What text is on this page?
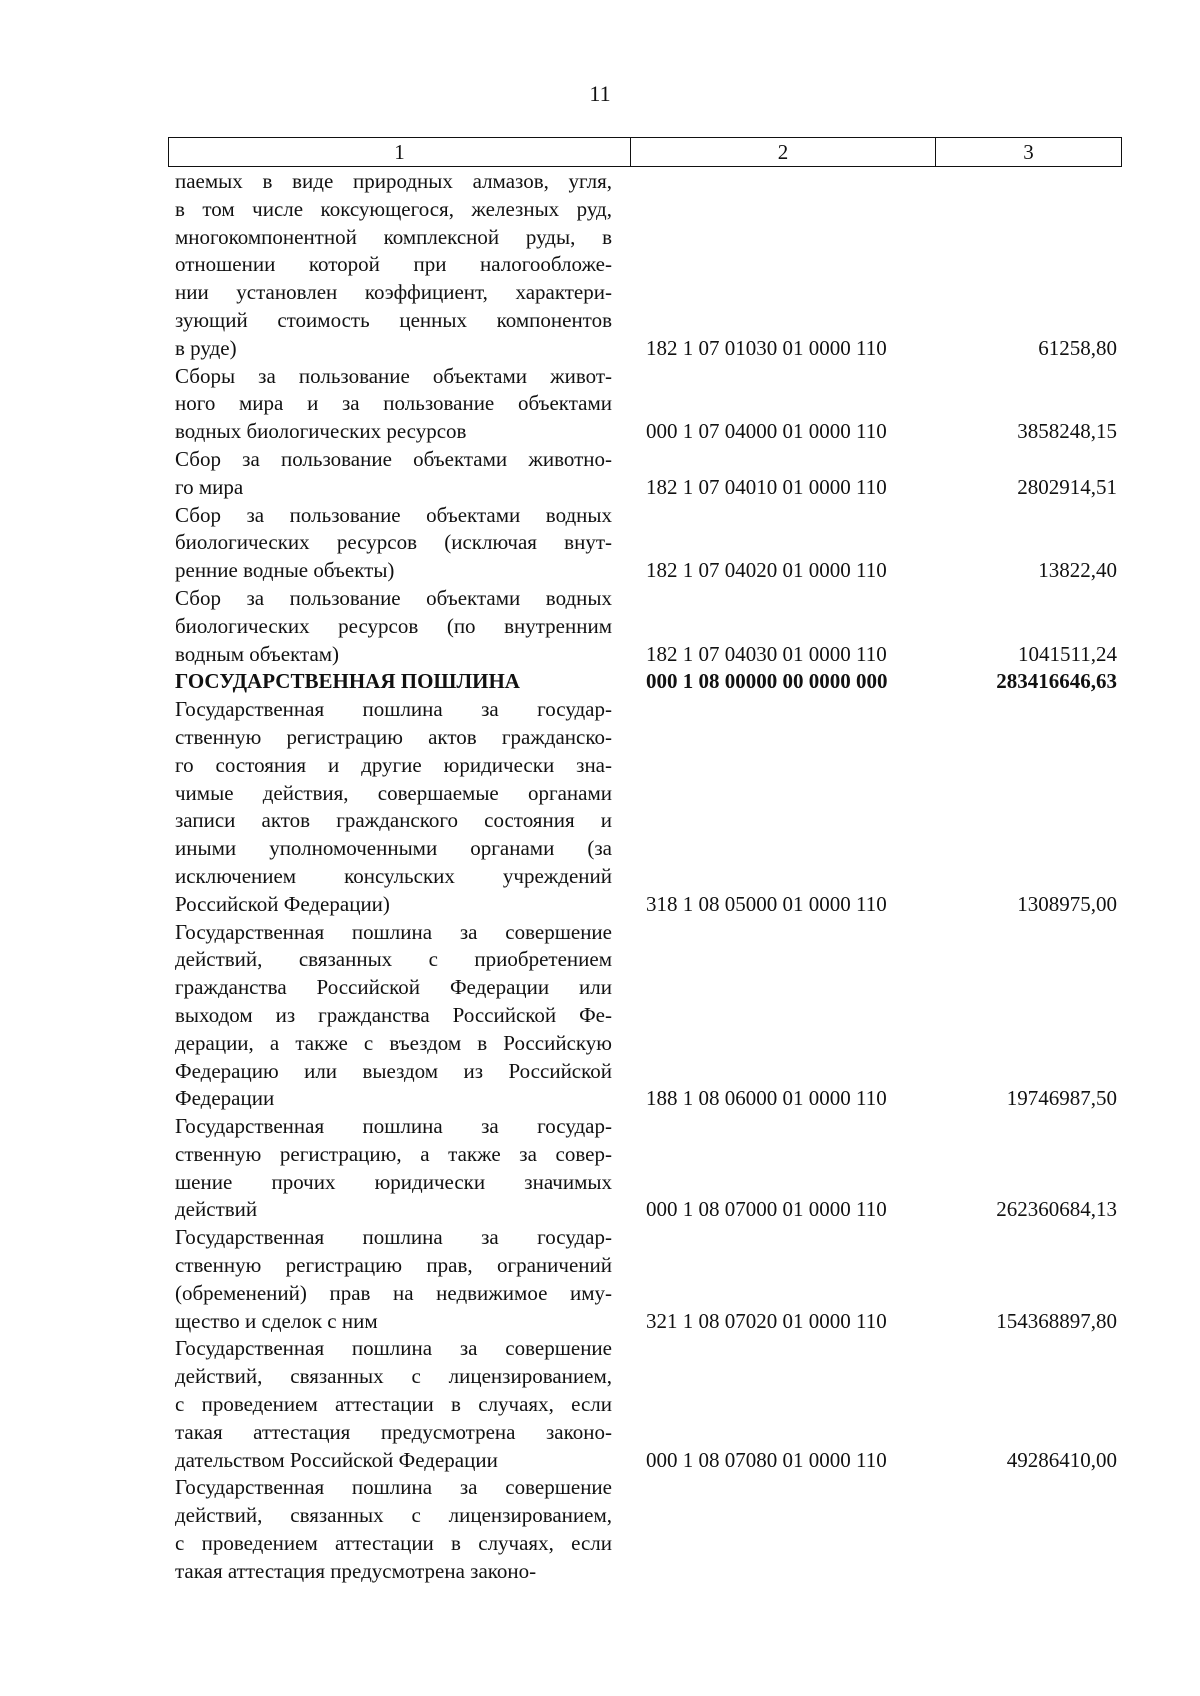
11
1	2	3
паемых в виде природных алмазов, угля,
в том числе коксующегося, железных руд,
многокомпонентной комплексной руды, в
отношении которой при налогообложе-
нии установлен коэффициент, характери-
зующий стоимость ценных компонентов
в руде)	182 1 07 01030 01 0000 110	61258,80
Сборы за пользование объектами живот-
ного мира и за пользование объектами
водных биологических ресурсов	000 1 07 04000 01 0000 110	3858248,15
Сбор за пользование объектами животно-
го мира	182 1 07 04010 01 0000 110	2802914,51
Сбор за пользование объектами водных
биологических ресурсов (исключая внут-
ренние водные объекты)	182 1 07 04020 01 0000 110	13822,40
Сбор за пользование объектами водных
биологических ресурсов (по внутренним
водным объектам)	182 1 07 04030 01 0000 110	1041511,24
ГОСУДАРСТВЕННАЯ ПОШЛИНА	000 1 08 00000 00 0000 000	283416646,63
Государственная пошлина за государ-
ственную регистрацию актов гражданско-
го состояния и другие юридически зна-
чимые действия, совершаемые органами
записи актов гражданского состояния и
иными уполномоченными органами (за
исключением консульских учреждений
Российской Федерации)	318 1 08 05000 01 0000 110	1308975,00
Государственная пошлина за совершение
действий, связанных с приобретением
гражданства Российской Федерации или
выходом из гражданства Российской Фе-
дерации, а также с въездом в Российскую
Федерацию или выездом из Российской
Федерации	188 1 08 06000 01 0000 110	19746987,50
Государственная пошлина за государ-
ственную регистрацию, а также за совер-
шение прочих юридически значимых
действий	000 1 08 07000 01 0000 110	262360684,13
Государственная пошлина за государ-
ственную регистрацию прав, ограничений
(обременений) прав на недвижимое иму-
щество и сделок с ним	321 1 08 07020 01 0000 110	154368897,80
Государственная пошлина за совершение
действий, связанных с лицензированием,
с проведением аттестации в случаях, если
такая аттестация предусмотрена законо-
дательством Российской Федерации	000 1 08 07080 01 0000 110	49286410,00
Государственная пошлина за совершение
действий, связанных с лицензированием,
с проведением аттестации в случаях, если
такая аттестация предусмотрена законо-
